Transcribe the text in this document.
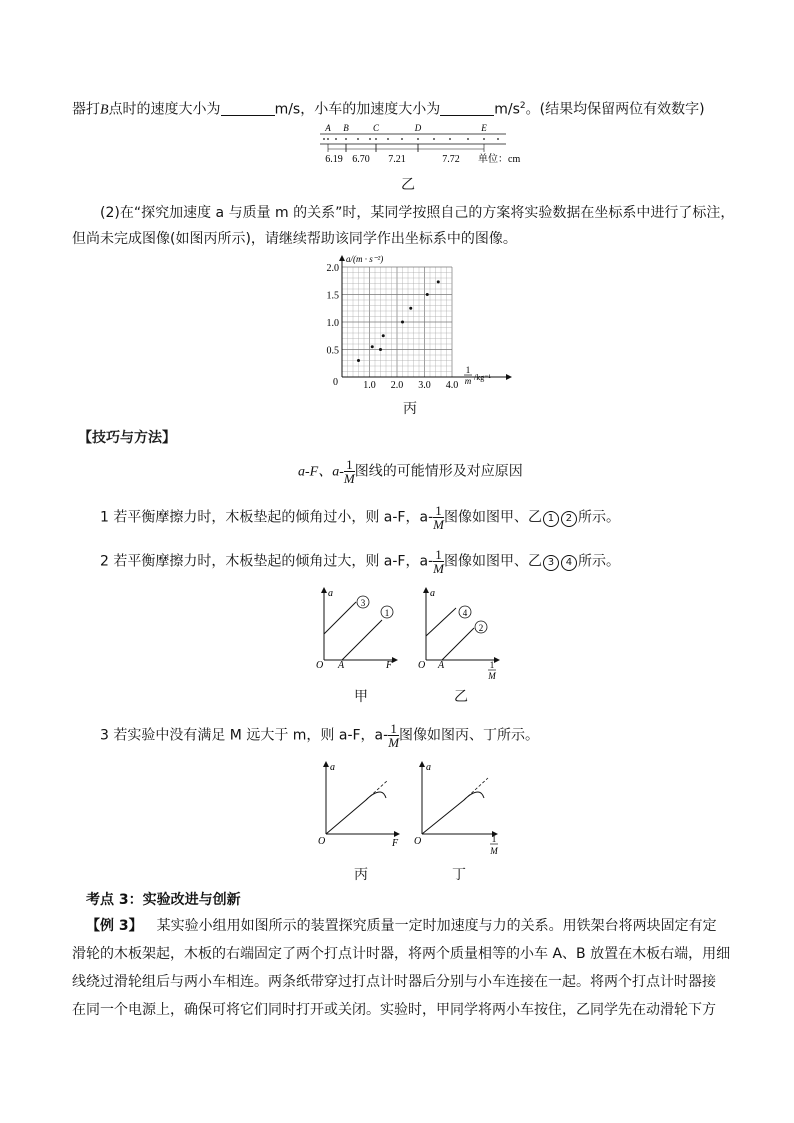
器打B点时的速度大小为	m/s，小车的加速度大小为	$m/s^2$。(结果均保留两位有效数字)
A B	C	D	E
6.19 6.70 7.21	7.72 单位：cm
乙
(2)在“探究加速度 a 与质量 m 的关系”时，某同学按照自己的方案将实验数据在坐标系中进行了标注，
但尚未完成图像(如图丙所示)，请继续帮助该同学作出坐标系中的图像。
1.0 2.0 3.0 4.0
0.5
1.0
1.5
2.0
0
a/(m · s⁻²)
1
m /kg⁻¹
丙
【技巧与方法】
a-F、$a- \frac{1}{M}$ 图线的可能情形及对应原因
1 若平衡摩擦力时，木板垫起的倾角过小，则 a-F，$a- \frac{1}{M}$ 图像如图甲、乙 1 2 所示。
2 若平衡摩擦力时，木板垫起的倾角过大，则 a-F，$a- \frac{1}{M}$ 图像如图甲、乙 3 4 所示。
a
O A	F
3
1
甲
a
O A	1
M
4
2
乙
3 若实验中没有满足 M 远大于 m，则 a-F，$a- \frac{1}{M}$ 图像如图丙、丁所示。
a
O	F
丙
a
O	1
M
丁
考点 3：实验改进与创新
【例 3】 某实验小组用如图所示的装置探究质量一定时加速度与力的关系。用铁架台将两块固定有定
滑轮的木板架起，木板的右端固定了两个打点计时器，将两个质量相等的小车 A、B 放置在木板右端，用细
线绕过滑轮组后与两小车相连。两条纸带穿过打点计时器后分别与小车连接在一起。将两个打点计时器接
在同一个电源上，确保可将它们同时打开或关闭。实验时，甲同学将两小车按住，乙同学先在动滑轮下方
